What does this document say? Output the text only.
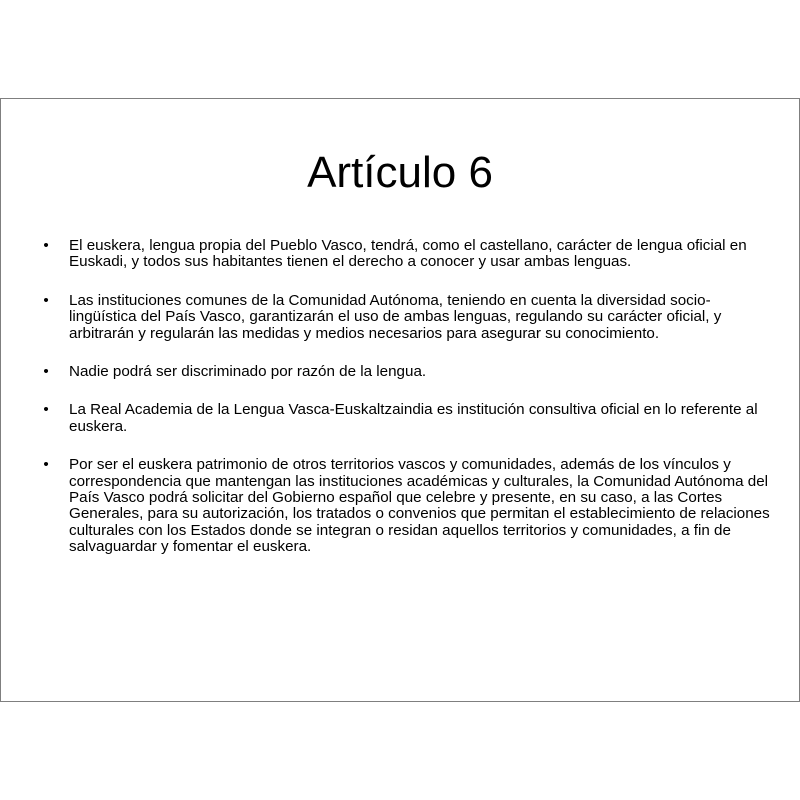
Artículo 6
• El euskera, lengua propia del Pueblo Vasco, tendrá, como el castellano, carácter de lengua oficial en Euskadi, y todos sus habitantes tienen el derecho a conocer y usar ambas lenguas.
• Las instituciones comunes de la Comunidad Autónoma, teniendo en cuenta la diversidad socio-lingüística del País Vasco, garantizarán el uso de ambas lenguas, regulando su carácter oficial, y arbitrarán y regularán las medidas y medios necesarios para asegurar su conocimiento.
• Nadie podrá ser discriminado por razón de la lengua.
• La Real Academia de la Lengua Vasca-Euskaltzaindia es institución consultiva oficial en lo referente al euskera.
• Por ser el euskera patrimonio de otros territorios vascos y comunidades, además de los vínculos y correspondencia que mantengan las instituciones académicas y culturales, la Comunidad Autónoma del País Vasco podrá solicitar del Gobierno español que celebre y presente, en su caso, a las Cortes Generales, para su autorización, los tratados o convenios que permitan el establecimiento de relaciones culturales con los Estados donde se integran o residan aquellos territorios y comunidades, a fin de salvaguardar y fomentar el euskera.
